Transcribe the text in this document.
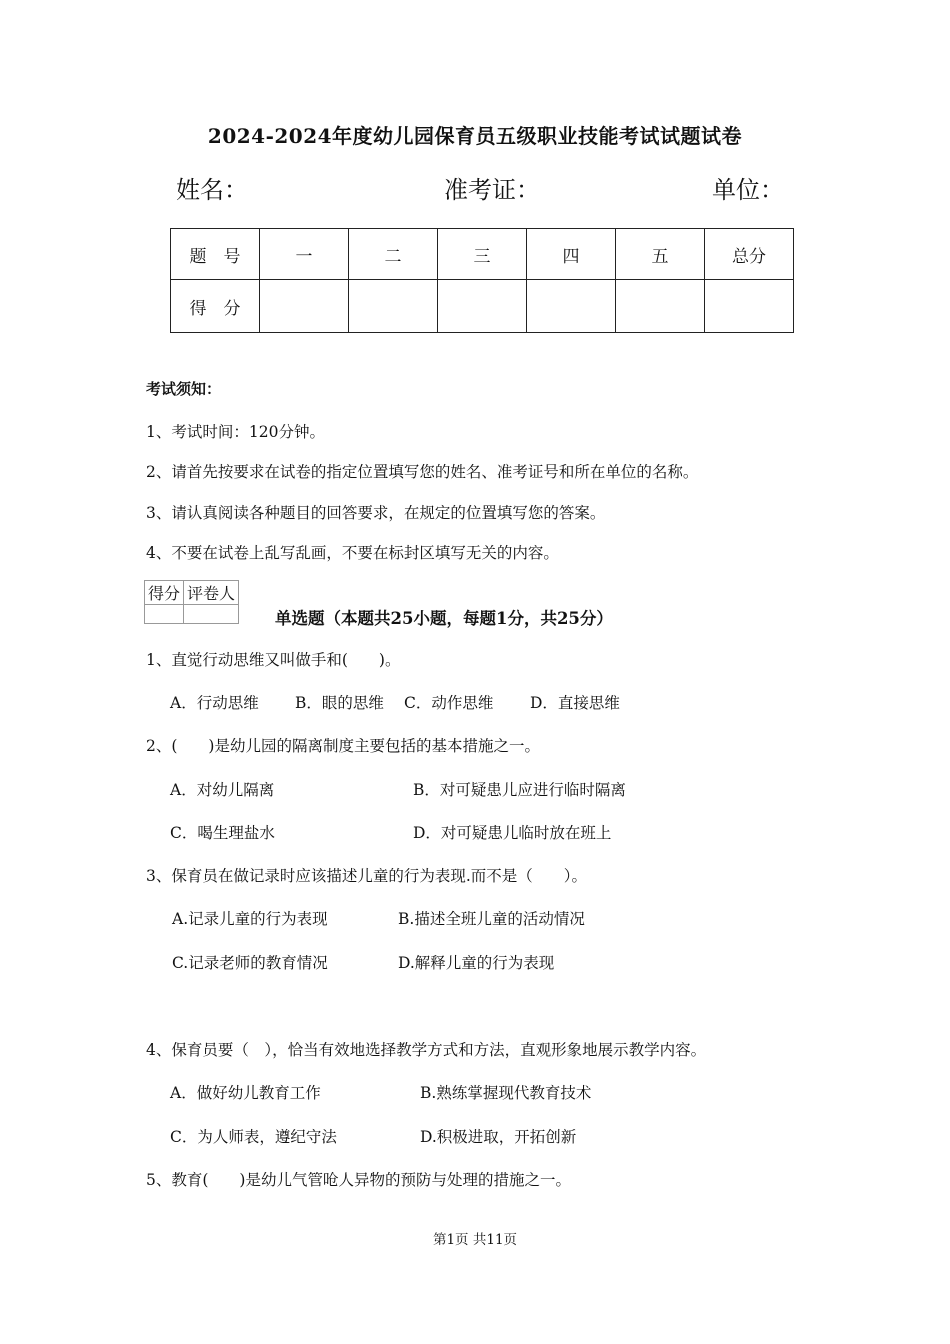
2024-2024年度幼儿园保育员五级职业技能考试试题试卷
姓名：	准考证：	单位：
题　号	一	二	三	四	五	总分
得　分						
考试须知：
1、考试时间：120分钟。
2、请首先按要求在试卷的指定位置填写您的姓名、准考证号和所在单位的名称。
3、请认真阅读各种题目的回答要求，在规定的位置填写您的答案。
4、不要在试卷上乱写乱画，不要在标封区填写无关的内容。
得分	评卷人

单选题（本题共25小题，每题1分，共25分）
1、直觉行动思维又叫做手和(　　)。
A．行动思维 B．眼的思维 C．动作思维 D．直接思维
2、(　　)是幼儿园的隔离制度主要包括的基本措施之一。
A．对幼儿隔离	B．对可疑患儿应进行临时隔离
C．喝生理盐水	D．对可疑患儿临时放在班上
3、保育员在做记录时应该描述儿童的行为表现.而不是（　　）。
A.记录儿童的行为表现	B.描述全班儿童的活动情况
C.记录老师的教育情况	D.解释儿童的行为表现
4、保育员要（　），恰当有效地选择教学方式和方法，直观形象地展示教学内容。
A．做好幼儿教育工作	B.熟练掌握现代教育技术
C．为人师表，遵纪守法	D.积极进取，开拓创新
5、教育(　　)是幼儿气管呛人异物的预防与处理的措施之一。
第1页 共11页
